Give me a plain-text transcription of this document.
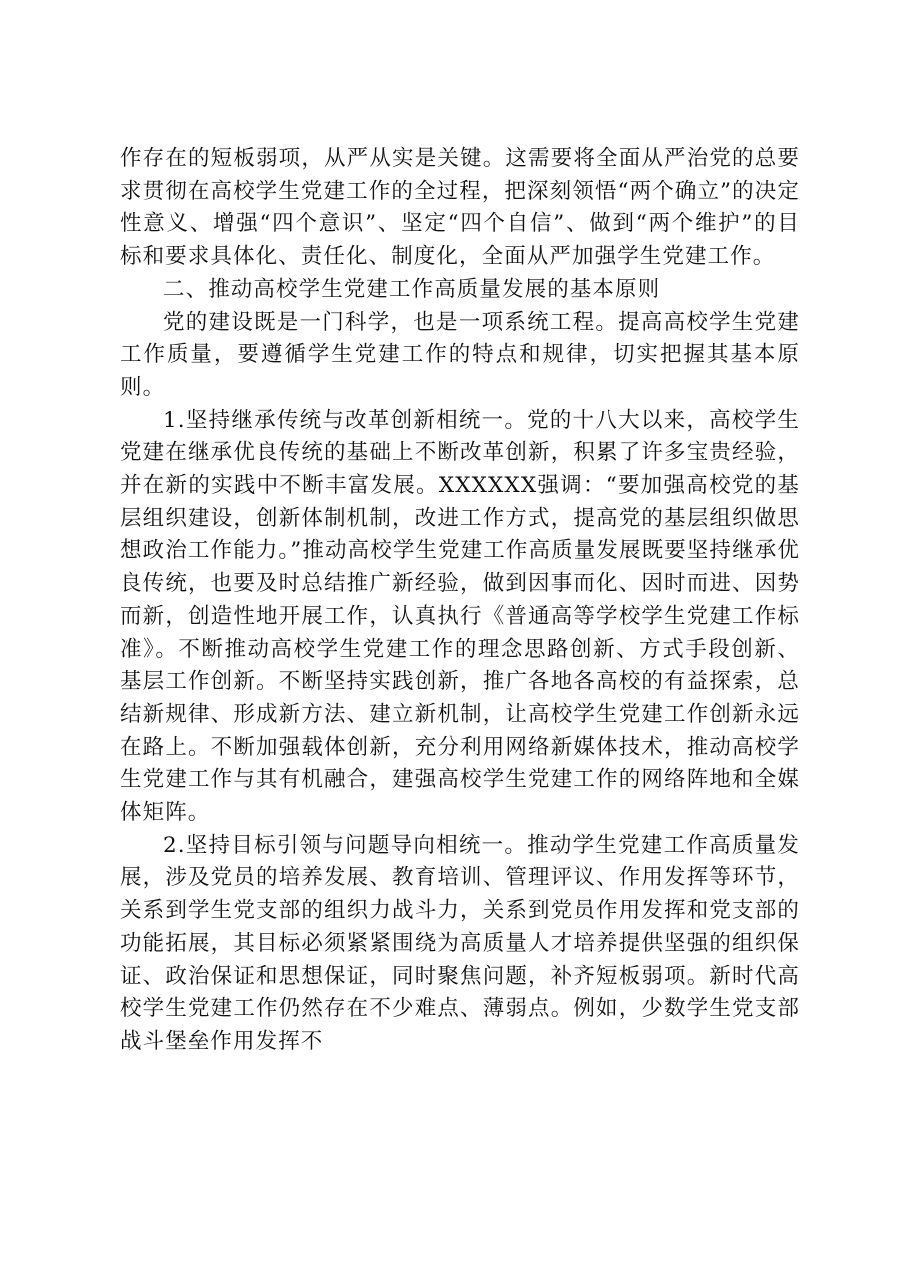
作存在的短板弱项，从严从实是关键。这需要将全面从严治党的总要求贯彻在高校学生党建工作的全过程，把深刻领悟“两个确立”的决定性意义、增强“四个意识”、坚定“四个自信”、做到“两个维护”的目标和要求具体化、责任化、制度化，全面从严加强学生党建工作。

二、推动高校学生党建工作高质量发展的基本原则

党的建设既是一门科学，也是一项系统工程。提高高校学生党建工作质量，要遵循学生党建工作的特点和规律，切实把握其基本原则。

1.坚持继承传统与改革创新相统一。党的十八大以来，高校学生党建在继承优良传统的基础上不断改革创新，积累了许多宝贵经验，并在新的实践中不断丰富发展。XXXXXX强调：“要加强高校党的基层组织建设，创新体制机制，改进工作方式，提高党的基层组织做思想政治工作能力。”推动高校学生党建工作高质量发展既要坚持继承优良传统，也要及时总结推广新经验，做到因事而化、因时而进、因势而新，创造性地开展工作，认真执行《普通高等学校学生党建工作标准》。不断推动高校学生党建工作的理念思路创新、方式手段创新、基层工作创新。不断坚持实践创新，推广各地各高校的有益探索，总结新规律、形成新方法、建立新机制，让高校学生党建工作创新永远在路上。不断加强载体创新，充分利用网络新媒体技术，推动高校学生党建工作与其有机融合，建强高校学生党建工作的网络阵地和全媒体矩阵。

2.坚持目标引领与问题导向相统一。推动学生党建工作高质量发展，涉及党员的培养发展、教育培训、管理评议、作用发挥等环节，关系到学生党支部的组织力战斗力，关系到党员作用发挥和党支部的功能拓展，其目标必须紧紧围绕为高质量人才培养提供坚强的组织保证、政治保证和思想保证，同时聚焦问题，补齐短板弱项。新时代高校学生党建工作仍然存在不少难点、薄弱点。例如，少数学生党支部战斗堡垒作用发挥不
